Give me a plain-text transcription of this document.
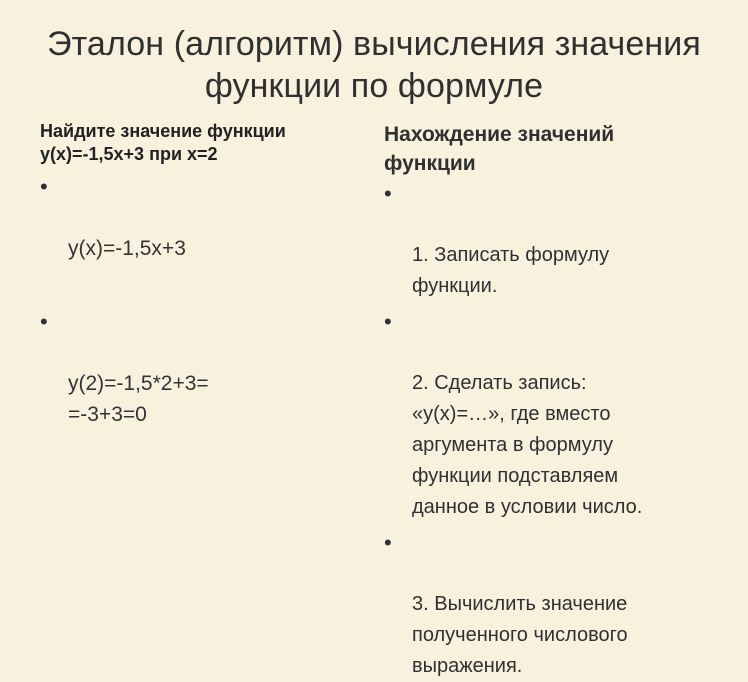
Эталон (алгоритм) вычисления значения
функции по формуле
Найдите значение функции
y(x)=-1,5x+3 при x=2

•

y(x)=-1,5x+3

•

y(2)=-1,5*2+3=
=-3+3=0

Нахождение значений
функции

•

1. Записать формулу
функции.

•

2. Сделать запись:
«y(x)=…», где вместо
аргумента в формулу
функции подставляем
данное в условии число.

•

3. Вычислить значение
полученного числового
выражения.
